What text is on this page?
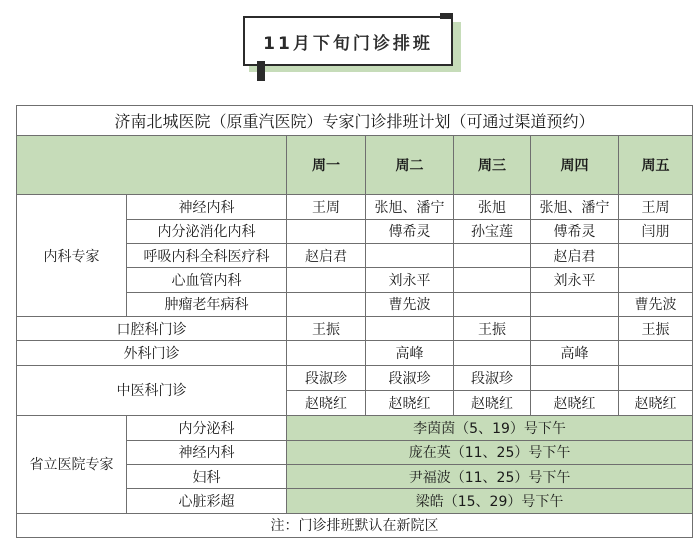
11月下旬门诊排班
济南北城医院（原重汽医院）专家门诊排班计划（可通过渠道预约）						
		周一	周二	周三	周四	周五
内科专家	神经内科	王周	张旭、潘宁	张旭	张旭、潘宁	王周
	内分泌消化内科		傅希灵	孙宝莲	傅希灵	闫朋
	呼吸内科全科医疗科	赵启君			赵启君	
	心血管内科		刘永平		刘永平	
	肿瘤老年病科		曹先波			曹先波
口腔科门诊		王振		王振		王振
外科门诊			高峰		高峰	
中医科门诊		段淑珍	段淑珍	段淑珍		
		赵晓红	赵晓红	赵晓红	赵晓红	赵晓红
省立医院专家	内分泌科	李茵茵（5、19）号下午				
	神经内科	庞在英（11、25）号下午				
	妇科	尹福波（11、25）号下午				
	心脏彩超	梁皓（15、29）号下午				
注：门诊排班默认在新院区						
